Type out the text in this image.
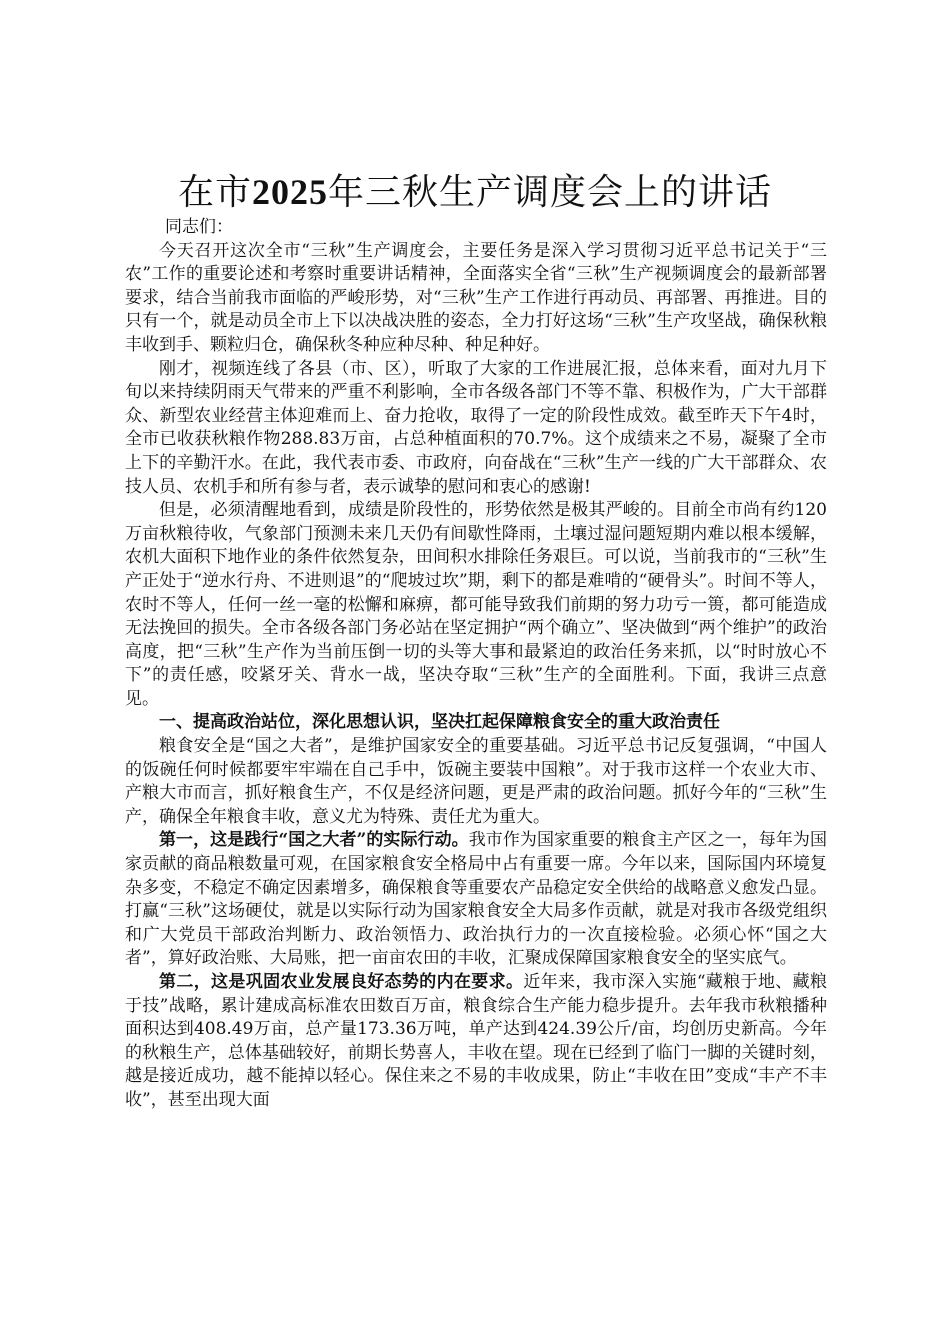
在市2025年三秋生产调度会上的讲话

同志们：

今天召开这次全市“三秋”生产调度会，主要任务是深入学习贯彻习近平总书记关于“三农”工作的重要论述和考察时重要讲话精神，全面落实全省“三秋”生产视频调度会的最新部署要求，结合当前我市面临的严峻形势，对“三秋”生产工作进行再动员、再部署、再推进。目的只有一个，就是动员全市上下以决战决胜的姿态，全力打好这场“三秋”生产攻坚战，确保秋粮丰收到手、颗粒归仓，确保秋冬种应种尽种、种足种好。

刚才，视频连线了各县（市、区），听取了大家的工作进展汇报，总体来看，面对九月下旬以来持续阴雨天气带来的严重不利影响，全市各级各部门不等不靠、积极作为，广大干部群众、新型农业经营主体迎难而上、奋力抢收，取得了一定的阶段性成效。截至昨天下午4时，全市已收获秋粮作物288.83万亩，占总种植面积的70.7%。这个成绩来之不易，凝聚了全市上下的辛勤汗水。在此，我代表市委、市政府，向奋战在“三秋”生产一线的广大干部群众、农技人员、农机手和所有参与者，表示诚挚的慰问和衷心的感谢!

但是，必须清醒地看到，成绩是阶段性的，形势依然是极其严峻的。目前全市尚有约120万亩秋粮待收，气象部门预测未来几天仍有间歇性降雨，土壤过湿问题短期内难以根本缓解，农机大面积下地作业的条件依然复杂，田间积水排除任务艰巨。可以说，当前我市的“三秋”生产正处于“逆水行舟、不进则退”的“爬坡过坎”期，剩下的都是难啃的“硬骨头”。时间不等人，农时不等人，任何一丝一毫的松懈和麻痹，都可能导致我们前期的努力功亏一篑，都可能造成无法挽回的损失。全市各级各部门务必站在坚定拥护“两个确立”、坚决做到“两个维护”的政治高度，把“三秋”生产作为当前压倒一切的头等大事和最紧迫的政治任务来抓，以“时时放心不下”的责任感，咬紧牙关、背水一战，坚决夺取“三秋”生产的全面胜利。下面，我讲三点意见。

一、提高政治站位，深化思想认识，坚决扛起保障粮食安全的重大政治责任

粮食安全是“国之大者”，是维护国家安全的重要基础。习近平总书记反复强调，“中国人的饭碗任何时候都要牢牢端在自己手中，饭碗主要装中国粮”。对于我市这样一个农业大市、产粮大市而言，抓好粮食生产，不仅是经济问题，更是严肃的政治问题。抓好今年的“三秋”生产，确保全年粮食丰收，意义尤为特殊、责任尤为重大。

第一，这是践行“国之大者”的实际行动。我市作为国家重要的粮食主产区之一，每年为国家贡献的商品粮数量可观，在国家粮食安全格局中占有重要一席。今年以来，国际国内环境复杂多变，不稳定不确定因素增多，确保粮食等重要农产品稳定安全供给的战略意义愈发凸显。打赢“三秋”这场硬仗，就是以实际行动为国家粮食安全大局多作贡献，就是对我市各级党组织和广大党员干部政治判断力、政治领悟力、政治执行力的一次直接检验。必须心怀“国之大者”，算好政治账、大局账，把一亩亩农田的丰收，汇聚成保障国家粮食安全的坚实底气。

第二，这是巩固农业发展良好态势的内在要求。近年来，我市深入实施“藏粮于地、藏粮于技”战略，累计建成高标准农田数百万亩，粮食综合生产能力稳步提升。去年我市秋粮播种面积达到408.49万亩，总产量173.36万吨，单产达到424.39公斤/亩，均创历史新高。今年的秋粮生产，总体基础较好，前期长势喜人，丰收在望。现在已经到了临门一脚的关键时刻，越是接近成功，越不能掉以轻心。保住来之不易的丰收成果，防止“丰收在田”变成“丰产不丰收”，甚至出现大面
